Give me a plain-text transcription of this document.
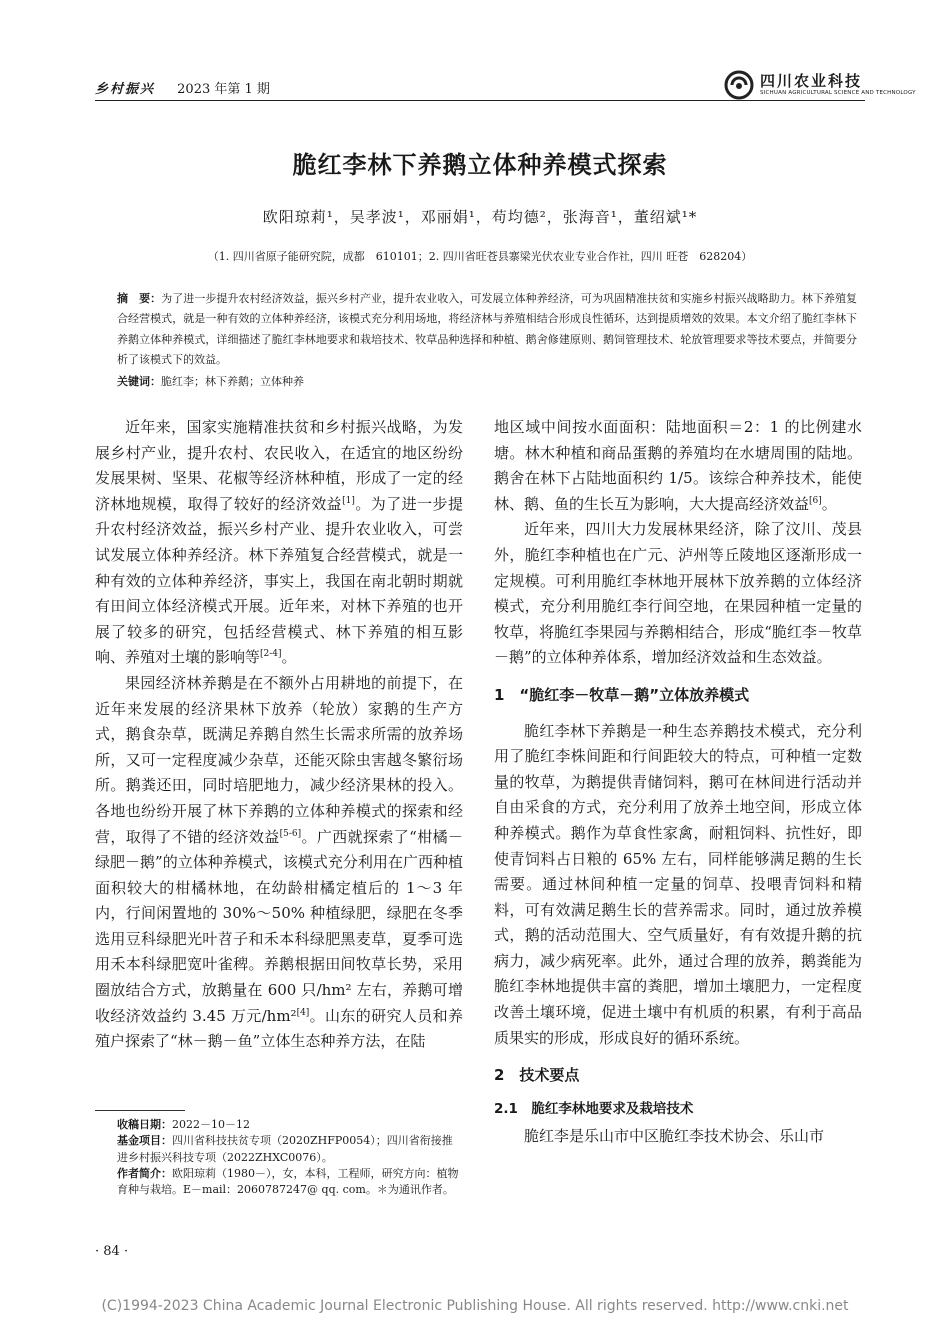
乡村振兴 2023 年第 1 期	四川农业科技
SICHUAN AGRICULTURAL SCIENCE AND TECHNOLOGY
脆红李林下养鹅立体种养模式探索
欧阳琼莉¹，吴孝波¹，邓丽娟¹，苟均德²，张海音¹，董绍斌¹*
（1. 四川省原子能研究院，成都　610101；2. 四川省旺苍县寨梁光伏农业专业合作社，四川 旺苍　628204）
摘　要：为了进一步提升农村经济效益，振兴乡村产业，提升农业收入，可发展立体种养经济，可为巩固精准扶贫和实施乡村振兴战略助力。林下养殖复合经营模式，就是一种有效的立体种养经济，该模式充分利用场地，将经济林与养殖相结合形成良性循环，达到提质增效的效果。本文介绍了脆红李林下养鹅立体种养模式，详细描述了脆红李林地要求和栽培技术、牧草品种选择和种植、鹅舍修建原则、鹅饲管理技术、轮放管理要求等技术要点，并简要分析了该模式下的效益。
关键词：脆红李；林下养鹅；立体种养

近年来，国家实施精准扶贫和乡村振兴战略，为发展乡村产业，提升农村、农民收入，在适宜的地区纷纷发展果树、坚果、花椒等经济林种植，形成了一定的经济林地规模，取得了较好的经济效益[1]。为了进一步提升农村经济效益，振兴乡村产业、提升农业收入，可尝试发展立体种养经济。林下养殖复合经营模式，就是一种有效的立体种养经济，事实上，我国在南北朝时期就有田间立体经济模式开展。近年来，对林下养殖的也开展了较多的研究，包括经营模式、林下养殖的相互影响、养殖对土壤的影响等[2-4]。

果园经济林养鹅是在不额外占用耕地的前提下，在近年来发展的经济果林下放养（轮放）家鹅的生产方式，鹅食杂草，既满足养鹅自然生长需求所需的放养场所，又可一定程度减少杂草，还能灭除虫害越冬繁衍场所。鹅粪还田，同时培肥地力，减少经济果林的投入。各地也纷纷开展了林下养鹅的立体种养模式的探索和经营，取得了不错的经济效益[5-6]。广西就探索了“柑橘－绿肥－鹅”的立体种养模式，该模式充分利用在广西种植面积较大的柑橘林地，在幼龄柑橘定植后的 1～3 年内，行间闲置地的 30%～50% 种植绿肥，绿肥在冬季选用豆科绿肥光叶苕子和禾本科绿肥黑麦草，夏季可选用禾本科绿肥宽叶雀稗。养鹅根据田间牧草长势，采用圈放结合方式，放鹅量在 600 只/hm² 左右，养鹅可增收经济效益约 3.45 万元/hm²[4]。山东的研究人员和养殖户探索了“林－鹅－鱼”立体生态种养方法，在陆

收稿日期：2022－10－12

基金项目：四川省科技扶贫专项（2020ZHFP0054）；四川省衔接推进乡村振兴科技专项（2022ZHXC0076）。

作者简介：欧阳琼莉（1980－），女，本科，工程师，研究方向：植物育种与栽培。E－mail：2060787247@ qq. com。＊为通讯作者。

地区域中间按水面面积：陆地面积＝2：1 的比例建水塘。林木种植和商品蛋鹅的养殖均在水塘周围的陆地。鹅舍在林下占陆地面积约 1/5。该综合种养技术，能使林、鹅、鱼的生长互为影响，大大提高经济效益[6]。

近年来，四川大力发展林果经济，除了汶川、茂县外，脆红李种植也在广元、泸州等丘陵地区逐渐形成一定规模。可利用脆红李林地开展林下放养鹅的立体经济模式，充分利用脆红李行间空地，在果园种植一定量的牧草，将脆红李果园与养鹅相结合，形成“脆红李－牧草－鹅”的立体种养体系，增加经济效益和生态效益。

1　“脆红李－牧草－鹅”立体放养模式

脆红李林下养鹅是一种生态养鹅技术模式，充分利用了脆红李株间距和行间距较大的特点，可种植一定数量的牧草，为鹅提供青储饲料，鹅可在林间进行活动并自由采食的方式，充分利用了放养土地空间，形成立体种养模式。鹅作为草食性家禽，耐粗饲料、抗性好，即使青饲料占日粮的 65% 左右，同样能够满足鹅的生长需要。通过林间种植一定量的饲草、投喂青饲料和精料，可有效满足鹅生长的营养需求。同时，通过放养模式，鹅的活动范围大、空气质量好，有有效提升鹅的抗病力，减少病死率。此外，通过合理的放养，鹅粪能为脆红李林地提供丰富的粪肥，增加土壤肥力，一定程度改善土壤环境，促进土壤中有机质的积累，有利于高品质果实的形成，形成良好的循环系统。

2　技术要点

2.1　脆红李林地要求及栽培技术

脆红李是乐山市中区脆红李技术协会、乐山市

· 84 ·
(C)1994-2023 China Academic Journal Electronic Publishing House. All rights reserved. http://www.cnki.net
